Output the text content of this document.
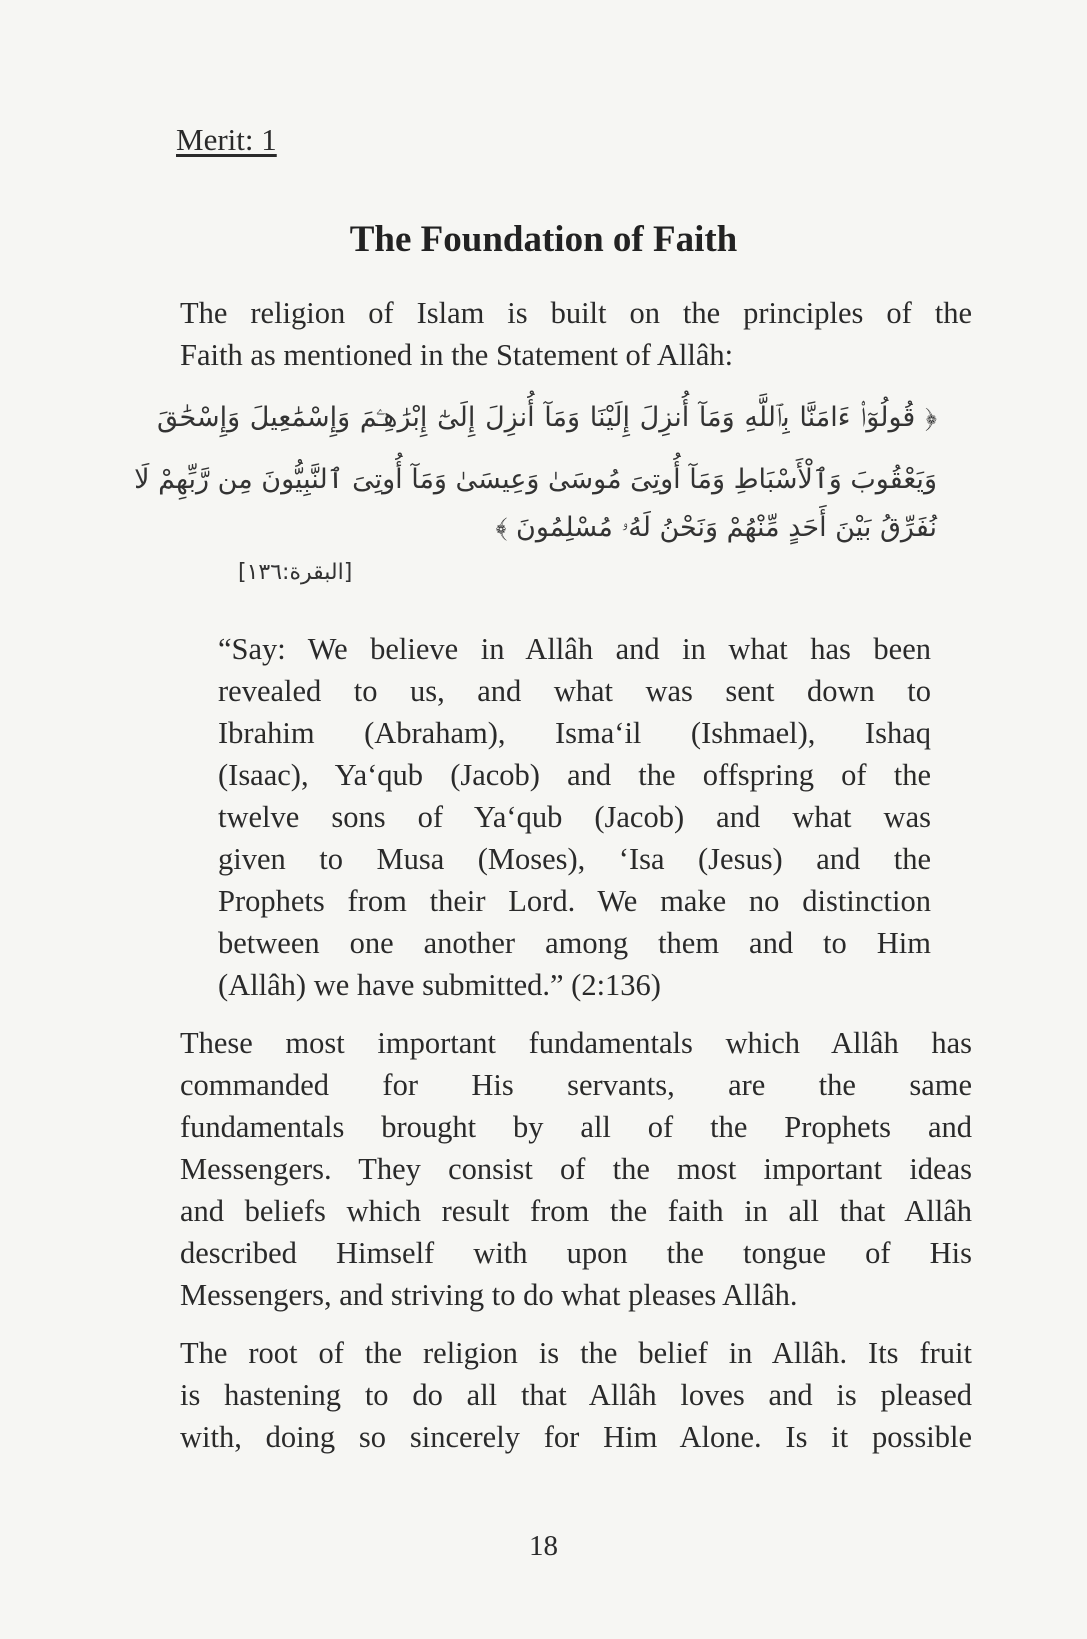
Merit: 1
The Foundation of Faith
The religion of Islam is built on the principles of the
Faith as mentioned in the Statement of Allâh:
﴿ قُولُوٓا۟ ءَامَنَّا بِٱللَّهِ وَمَآ أُنزِلَ إِلَيْنَا وَمَآ أُنزِلَ إِلَىٰٓ إِبْرَٰهِـۧمَ وَإِسْمَٰعِيلَ وَإِسْحَٰقَ
وَيَعْقُوبَ وَٱلْأَسْبَاطِ وَمَآ أُوتِىَ مُوسَىٰ وَعِيسَىٰ وَمَآ أُوتِىَ ٱلنَّبِيُّونَ مِن رَّبِّهِمْ لَا
نُفَرِّقُ بَيْنَ أَحَدٍ مِّنْهُمْ وَنَحْنُ لَهُۥ مُسْلِمُونَ ﴾
[البقرة:١٣٦]
“Say: We believe in Allâh and in what has been
revealed to us, and what was sent down to
Ibrahim (Abraham), Isma‘il (Ishmael), Ishaq
(Isaac), Ya‘qub (Jacob) and the offspring of the
twelve sons of Ya‘qub (Jacob) and what was
given to Musa (Moses), ‘Isa (Jesus) and the
Prophets from their Lord. We make no distinction
between one another among them and to Him
(Allâh) we have submitted.” (2:136)
These most important fundamentals which Allâh has
commanded for His servants, are the same
fundamentals brought by all of the Prophets and
Messengers. They consist of the most important ideas
and beliefs which result from the faith in all that Allâh
described Himself with upon the tongue of His
Messengers, and striving to do what pleases Allâh.
The root of the religion is the belief in Allâh. Its fruit
is hastening to do all that Allâh loves and is pleased
with, doing so sincerely for Him Alone. Is it possible
18
